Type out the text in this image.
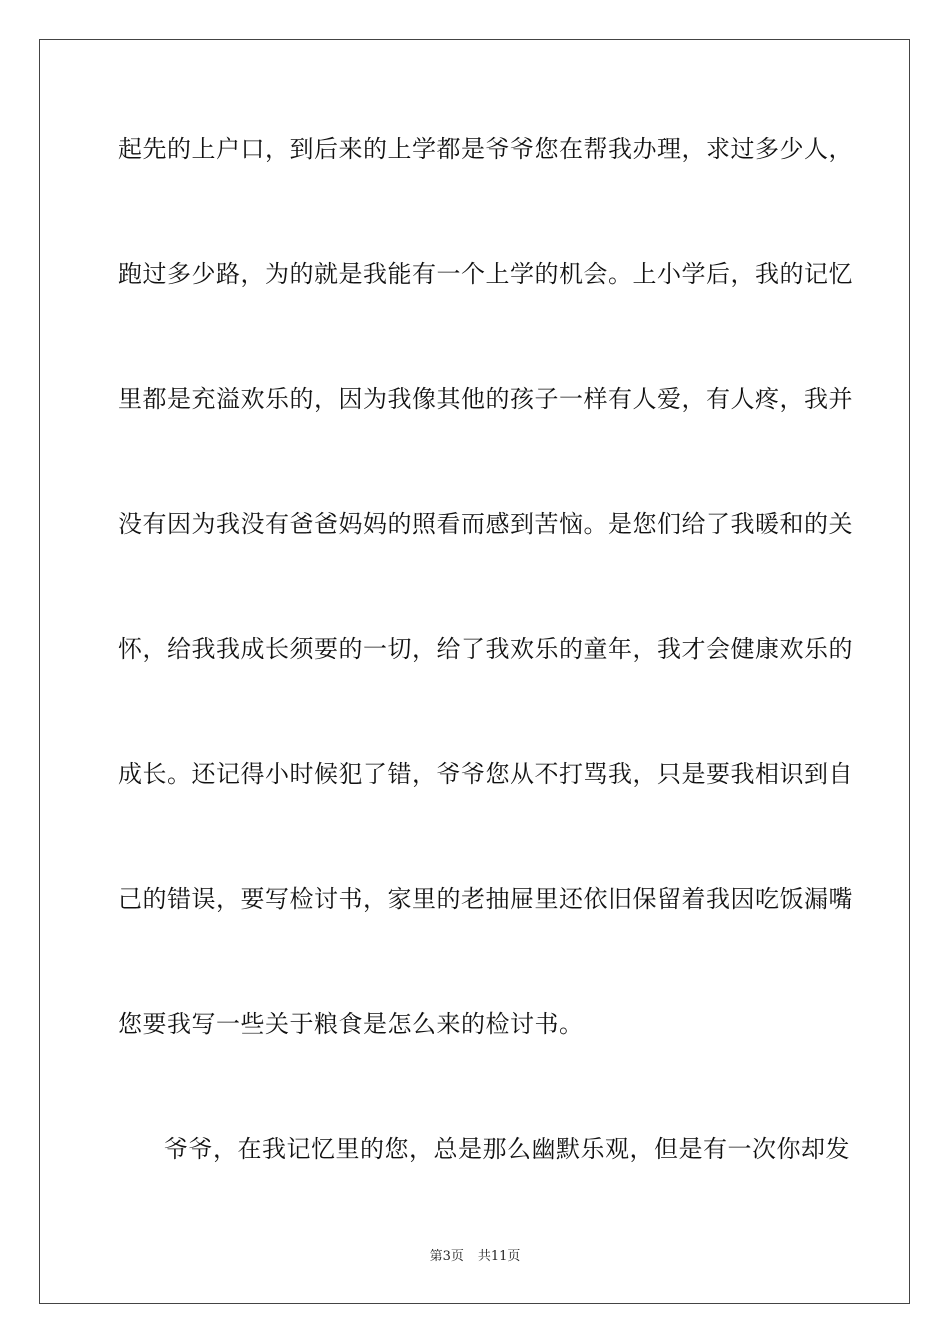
起先的上户口，到后来的上学都是爷爷您在帮我办理，求过多少人，
跑过多少路，为的就是我能有一个上学的机会。上小学后，我的记忆
里都是充溢欢乐的，因为我像其他的孩子一样有人爱，有人疼，我并
没有因为我没有爸爸妈妈的照看而感到苦恼。是您们给了我暖和的关
怀，给我我成长须要的一切，给了我欢乐的童年，我才会健康欢乐的
成长。还记得小时候犯了错，爷爷您从不打骂我，只是要我相识到自
己的错误，要写检讨书，家里的老抽屉里还依旧保留着我因吃饭漏嘴
您要我写一些关于粮食是怎么来的检讨书。
爷爷，在我记忆里的您，总是那么幽默乐观，但是有一次你却发
第3页 共11页
